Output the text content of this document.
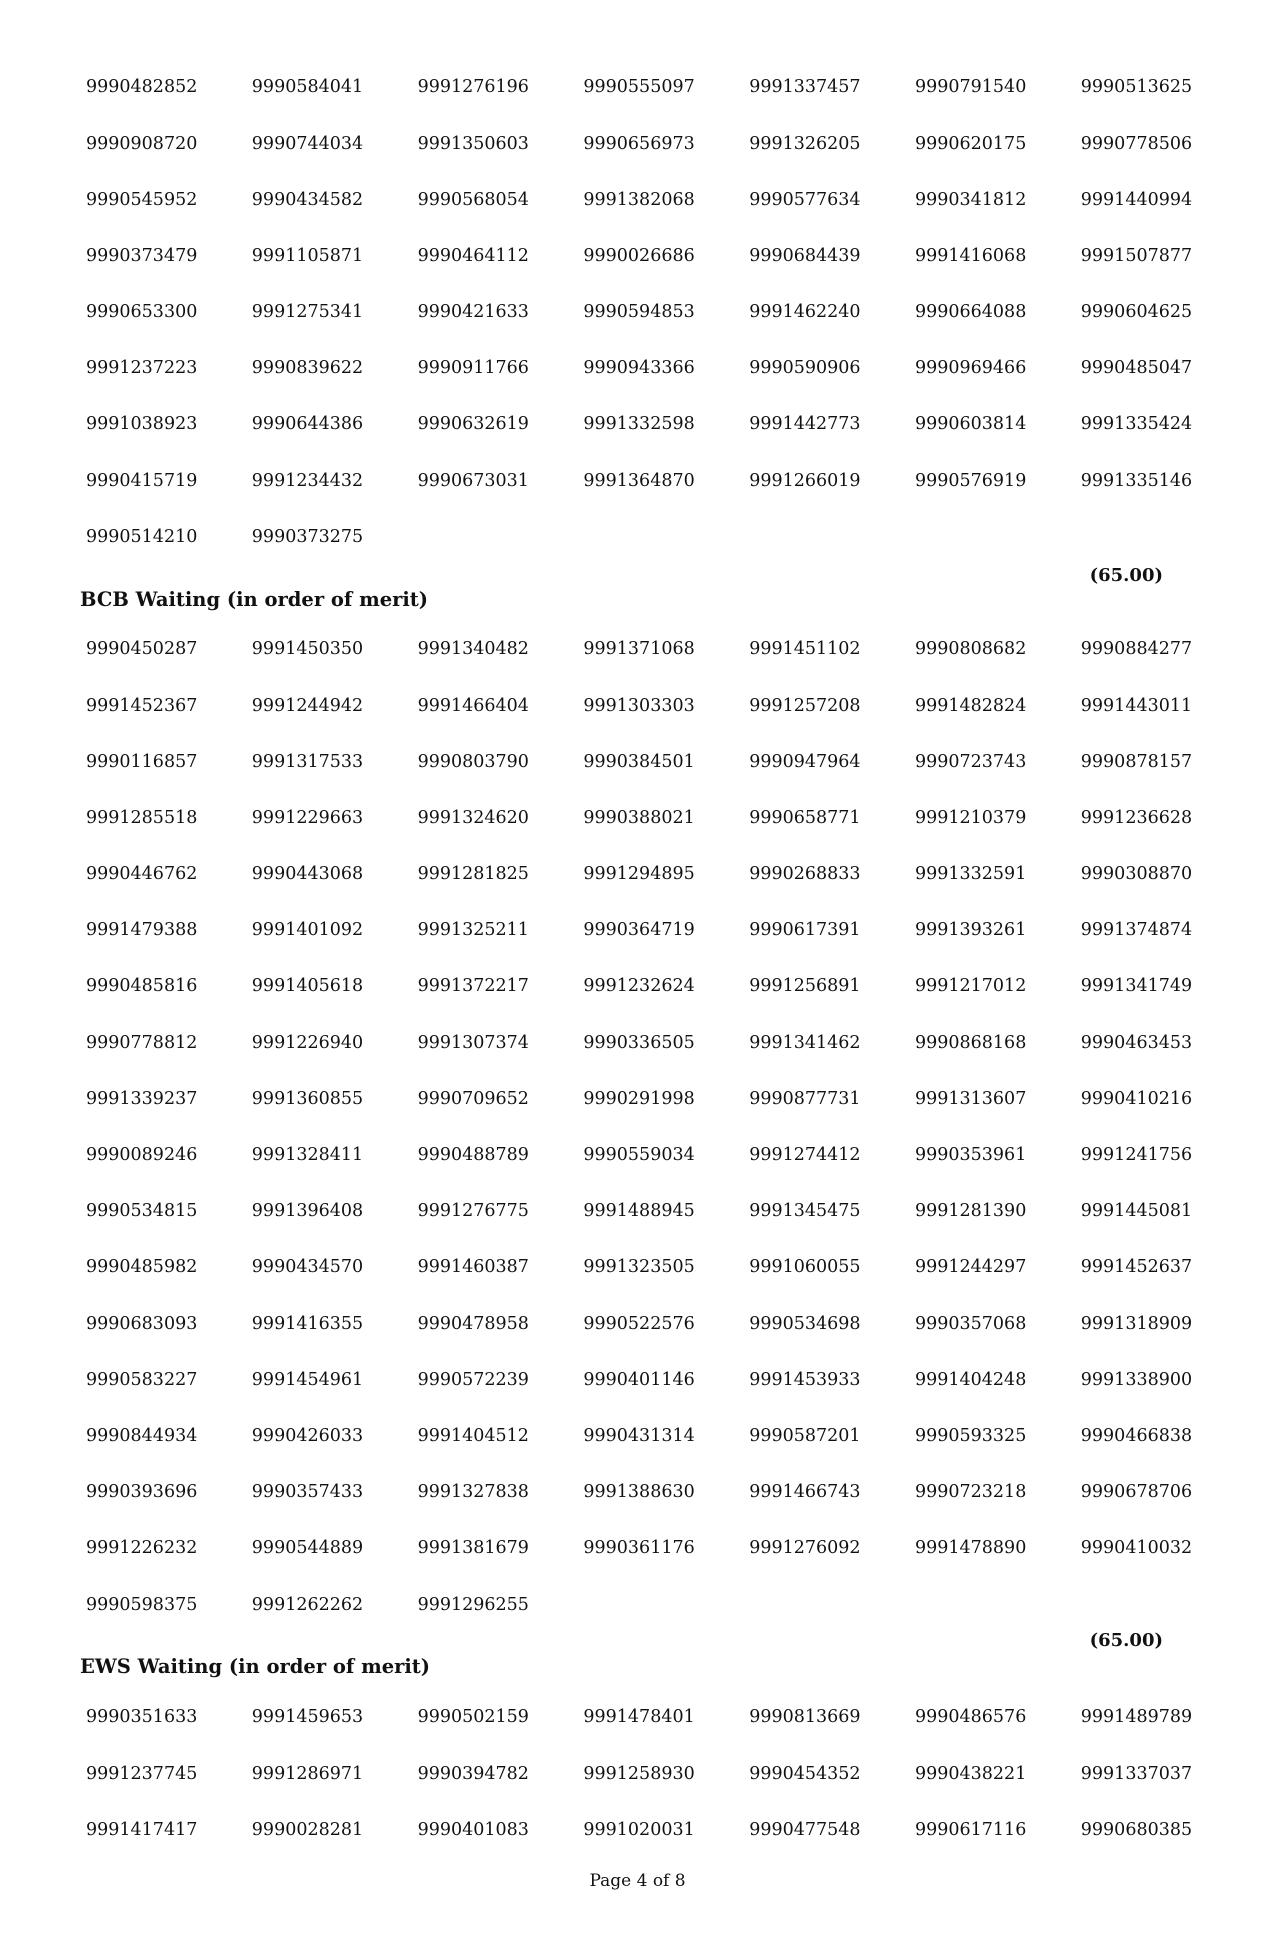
9990482852	9990584041	9991276196	9990555097	9991337457	9990791540	9990513625
9990908720	9990744034	9991350603	9990656973	9991326205	9990620175	9990778506
9990545952	9990434582	9990568054	9991382068	9990577634	9990341812	9991440994
9990373479	9991105871	9990464112	9990026686	9990684439	9991416068	9991507877
9990653300	9991275341	9990421633	9990594853	9991462240	9990664088	9990604625
9991237223	9990839622	9990911766	9990943366	9990590906	9990969466	9990485047
9991038923	9990644386	9990632619	9991332598	9991442773	9990603814	9991335424
9990415719	9991234432	9990673031	9991364870	9991266019	9990576919	9991335146
9990514210	9990373275
(65.00)
BCB Waiting (in order of merit)
9990450287	9991450350	9991340482	9991371068	9991451102	9990808682	9990884277
9991452367	9991244942	9991466404	9991303303	9991257208	9991482824	9991443011
9990116857	9991317533	9990803790	9990384501	9990947964	9990723743	9990878157
9991285518	9991229663	9991324620	9990388021	9990658771	9991210379	9991236628
9990446762	9990443068	9991281825	9991294895	9990268833	9991332591	9990308870
9991479388	9991401092	9991325211	9990364719	9990617391	9991393261	9991374874
9990485816	9991405618	9991372217	9991232624	9991256891	9991217012	9991341749
9990778812	9991226940	9991307374	9990336505	9991341462	9990868168	9990463453
9991339237	9991360855	9990709652	9990291998	9990877731	9991313607	9990410216
9990089246	9991328411	9990488789	9990559034	9991274412	9990353961	9991241756
9990534815	9991396408	9991276775	9991488945	9991345475	9991281390	9991445081
9990485982	9990434570	9991460387	9991323505	9991060055	9991244297	9991452637
9990683093	9991416355	9990478958	9990522576	9990534698	9990357068	9991318909
9990583227	9991454961	9990572239	9990401146	9991453933	9991404248	9991338900
9990844934	9990426033	9991404512	9990431314	9990587201	9990593325	9990466838
9990393696	9990357433	9991327838	9991388630	9991466743	9990723218	9990678706
9991226232	9990544889	9991381679	9990361176	9991276092	9991478890	9990410032
9990598375	9991262262	9991296255
(65.00)
EWS Waiting (in order of merit)
9990351633	9991459653	9990502159	9991478401	9990813669	9990486576	9991489789
9991237745	9991286971	9990394782	9991258930	9990454352	9990438221	9991337037
9991417417	9990028281	9990401083	9991020031	9990477548	9990617116	9990680385
Page 4 of 8
